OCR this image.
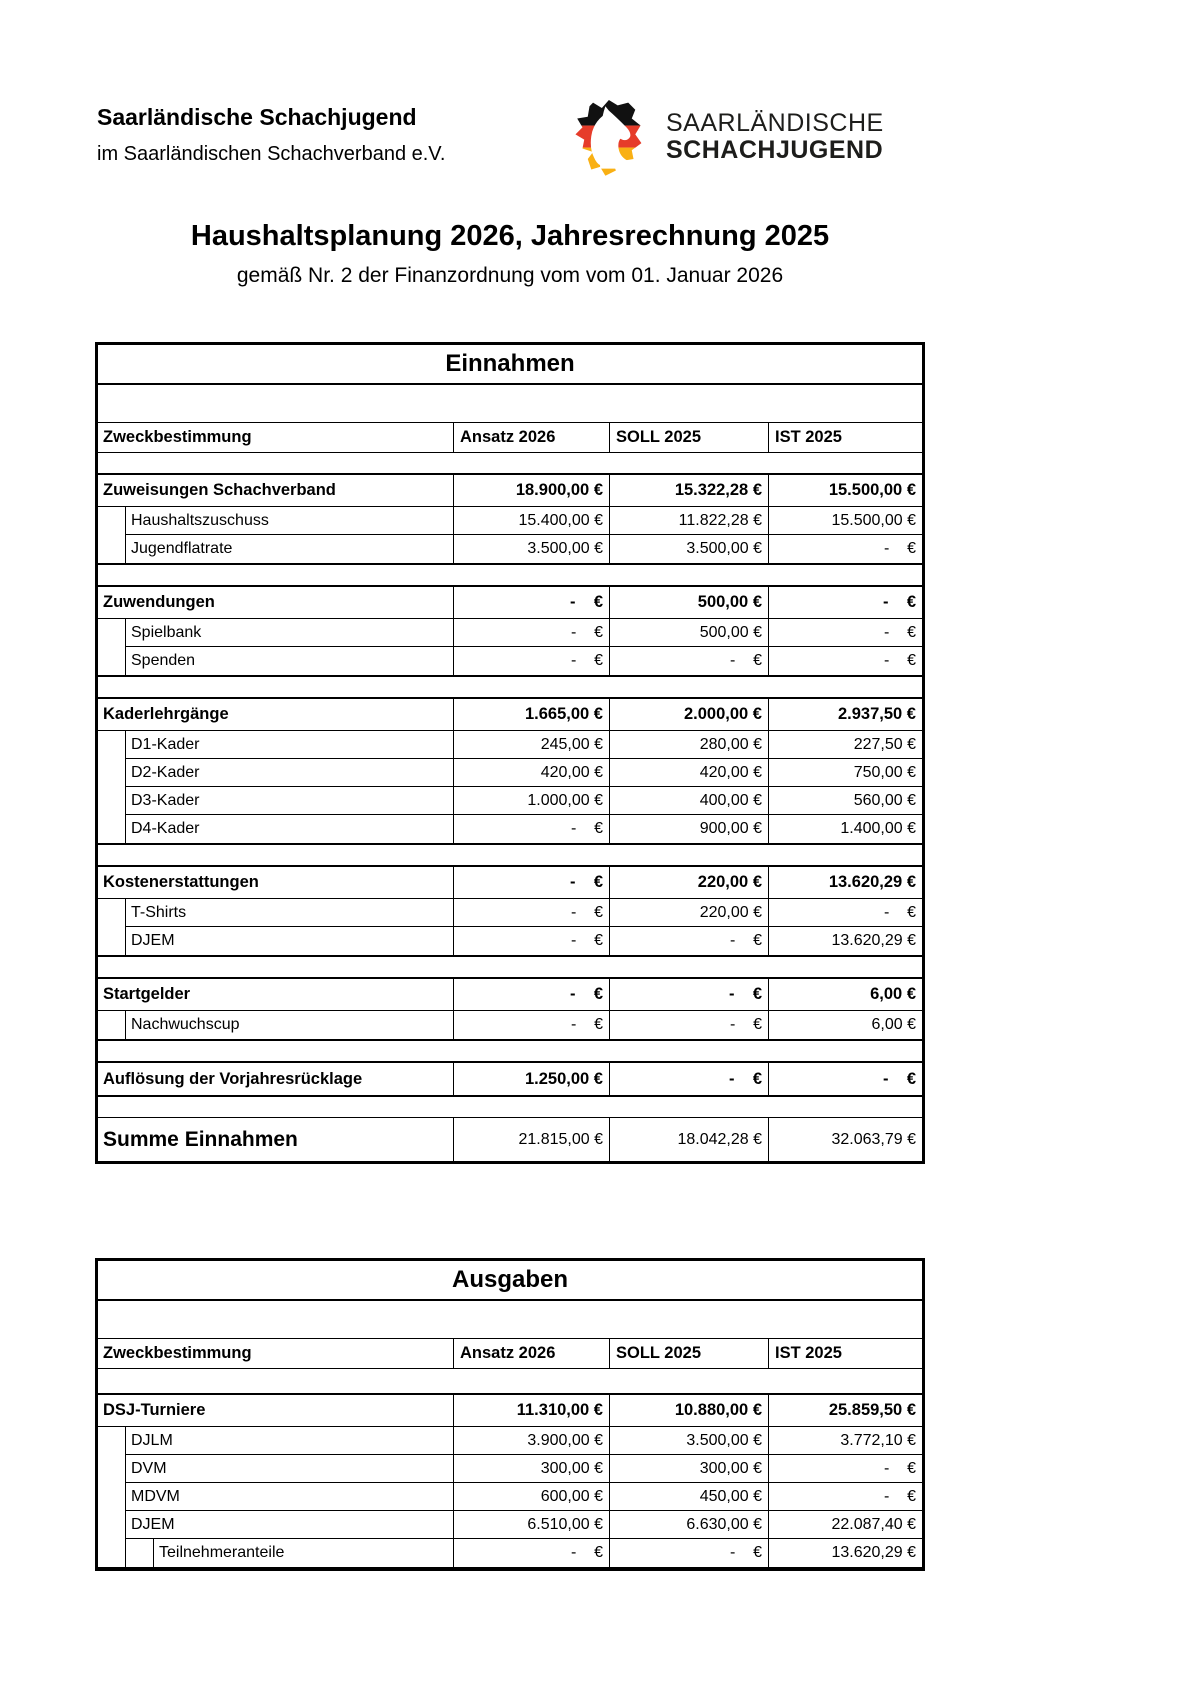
Saarländische Schachjugend
im Saarländischen Schachverband e.V.
SAARLÄNDISCHE
SCHACHJUGEND
Haushaltsplanung 2026, Jahresrechnung 2025
gemäß Nr. 2 der Finanzordnung vom vom 01. Januar 2026
Einnahmen
Zweckbestimmung	Ansatz 2026	SOLL 2025	IST 2025
Zuweisungen Schachverband	18.900,00 €	15.322,28 €	15.500,00 €
Haushaltszuschuss	15.400,00 €	11.822,28 €	15.500,00 €
Jugendflatrate	3.500,00 €	3.500,00 €	-    €
Zuwendungen	-    €	500,00 €	-    €
Spielbank	-    €	500,00 €	-    €
Spenden	-    €	-    €	-    €
Kaderlehrgänge	1.665,00 €	2.000,00 €	2.937,50 €
D1-Kader	245,00 €	280,00 €	227,50 €
D2-Kader	420,00 €	420,00 €	750,00 €
D3-Kader	1.000,00 €	400,00 €	560,00 €
D4-Kader	-    €	900,00 €	1.400,00 €
Kostenerstattungen	-    €	220,00 €	13.620,29 €
T-Shirts	-    €	220,00 €	-    €
DJEM	-    €	-    €	13.620,29 €
Startgelder	-    €	-    €	6,00 €
Nachwuchscup	-    €	-    €	6,00 €
Auflösung der Vorjahresrücklage	1.250,00 €	-    €	-    €
Summe Einnahmen	21.815,00 €	18.042,28 €	32.063,79 €
Ausgaben
Zweckbestimmung	Ansatz 2026	SOLL 2025	IST 2025
DSJ-Turniere	11.310,00 €	10.880,00 €	25.859,50 €
DJLM	3.900,00 €	3.500,00 €	3.772,10 €
DVM	300,00 €	300,00 €	-    €
MDVM	600,00 €	450,00 €	-    €
DJEM	6.510,00 €	6.630,00 €	22.087,40 €
Teilnehmeranteile	-    €	-    €	13.620,29 €
